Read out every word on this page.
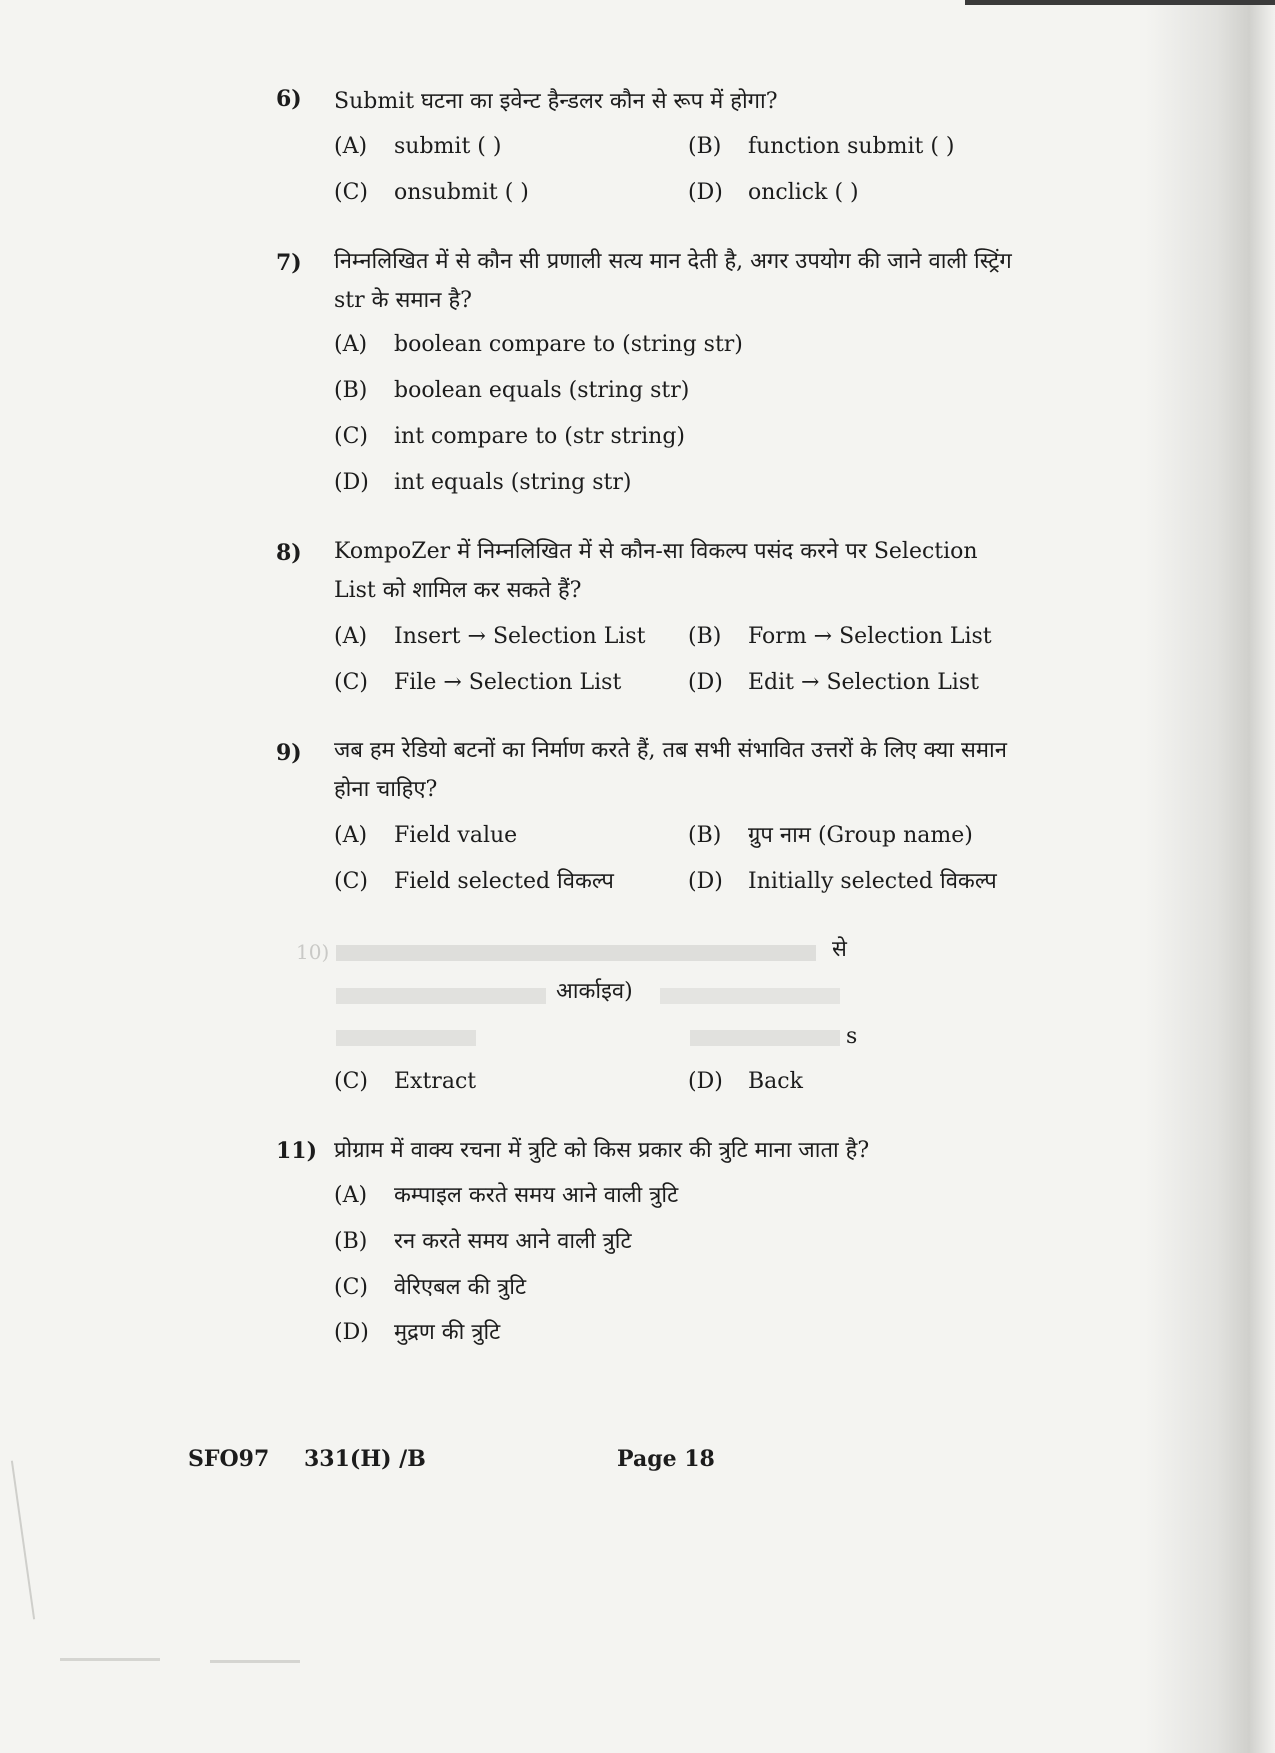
6) Submit घटना का इवेन्ट हैन्डलर कौन से रूप में होगा?
(A) submit ( )	(B) function submit ( )
(C) onsubmit ( )	(D) onclick ( )
7) निम्नलिखित में से कौन सी प्रणाली सत्य मान देती है, अगर उपयोग की जाने वाली स्ट्रिंग str के समान है?
(A) boolean compare to (string str)
(B) boolean equals (string str)
(C) int compare to (str string)
(D) int equals (string str)
8) KompoZer में निम्नलिखित में से कौन-सा विकल्प पसंद करने पर Selection List को शामिल कर सकते हैं?
(A) Insert → Selection List (B) Form → Selection List
(C) File → Selection List	(D) Edit → Selection List
9) जब हम रेडियो बटनों का निर्माण करते हैं, तब सभी संभावित उत्तरों के लिए क्या समान होना चाहिए?
(A) Field value	(B) ग्रुप नाम (Group name)
(C) Field selected विकल्प	(D) Initially selected विकल्प
10)	से
आर्काइव)
s
(C) Extract	(D) Back
11) प्रोग्राम में वाक्य रचना में त्रुटि को किस प्रकार की त्रुटि माना जाता है?
(A) कम्पाइल करते समय आने वाली त्रुटि
(B) रन करते समय आने वाली त्रुटि
(C) वेरिएबल की त्रुटि
(D) मुद्रण की त्रुटि
SFO97 331(H) /B	Page 18
